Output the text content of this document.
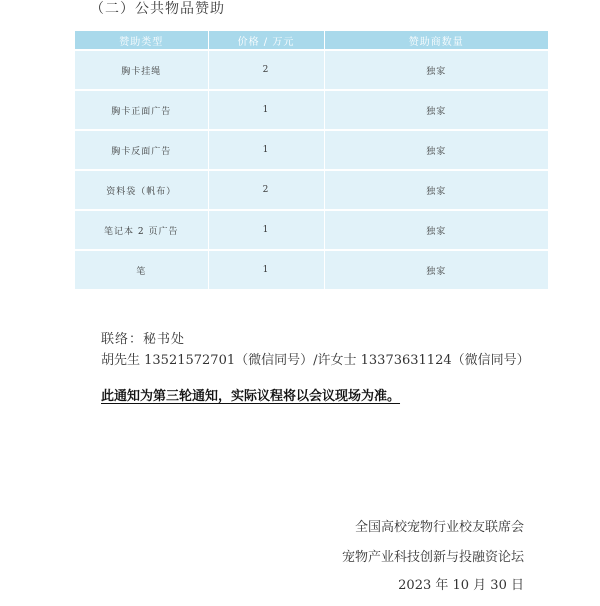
（二）公共物品赞助
赞助类型	价格 / 万元	赞助商数量
胸卡挂绳	2	独家
胸卡正面广告	1	独家
胸卡反面广告	1	独家
资料袋（帆布）	2	独家
笔记本 2 页广告	1	独家
笔	1	独家
联络：秘书处
胡先生 13521572701（微信同号）/许女士 13373631124（微信同号）
此通知为第三轮通知，实际议程将以会议现场为准。
全国高校宠物行业校友联席会
宠物产业科技创新与投融资论坛
2023 年 10 月 30 日
